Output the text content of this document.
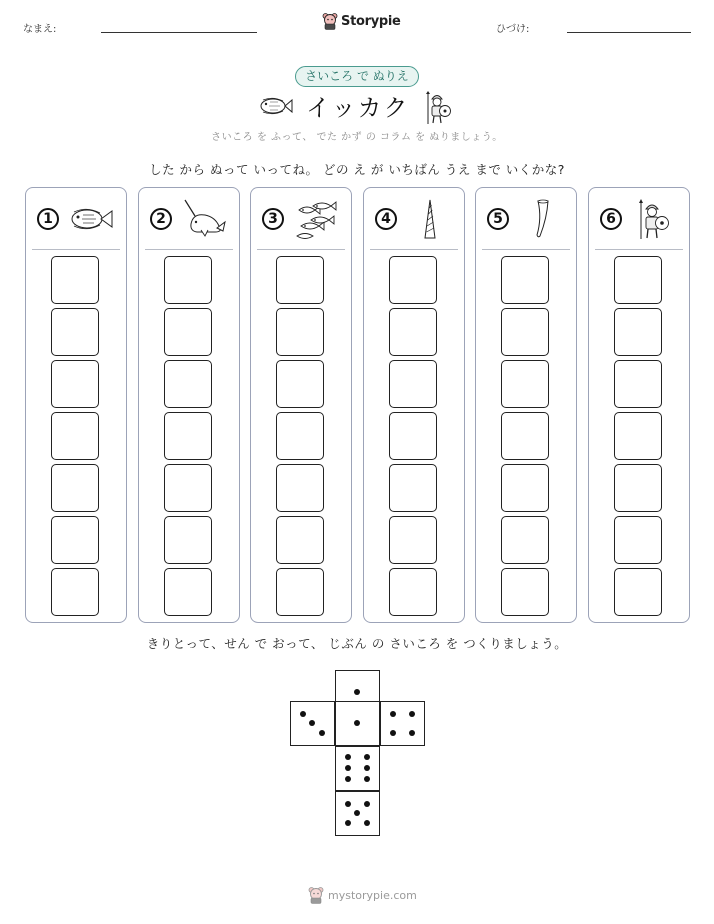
なまえ:
Storypie
ひづけ:
さいころ で ぬりえ
イッカク
さいころ を ふって、 でた かず の コラム を ぬりましょう。
した から ぬって いってね。 どの え が いちばん うえ まで いくかな?
1	2	3	4	5	6
きりとって、せん で おって、 じぶん の さいころ を つくりましょう。
mystorypie.com
